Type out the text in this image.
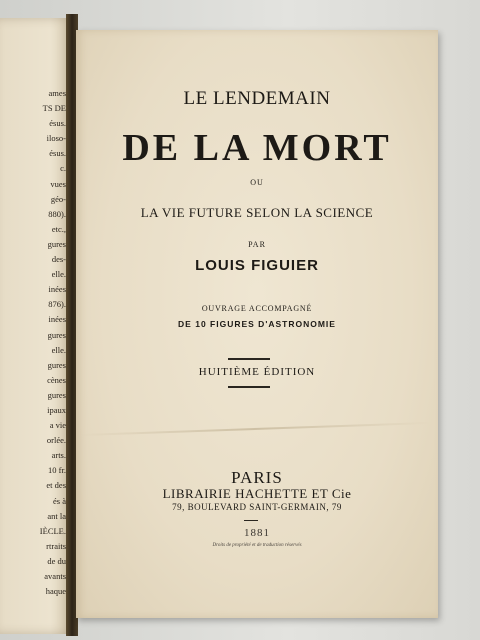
ames
TS DE
ésus.
iloso-
ésus.
c.
vues
géo-
880).
etc.,
gures
des-
elle.
inées
876).
inées
gures
elle.
gures
cènes
gures
ipaux
a vie
orlée.
arts.
10 fr.
et des
és à
ant la
IÈCLE.
rtraits
de du
avants
haque
LE LENDEMAIN
DE LA MORT
OU
LA VIE FUTURE SELON LA SCIENCE
PAR
LOUIS FIGUIER
OUVRAGE ACCOMPAGNÉ
DE 10 FIGURES D'ASTRONOMIE
HUITIÈME ÉDITION
PARIS
LIBRAIRIE HACHETTE ET Cie
79, BOULEVARD SAINT-GERMAIN, 79
1881
Droits de propriété et de traduction réservés
